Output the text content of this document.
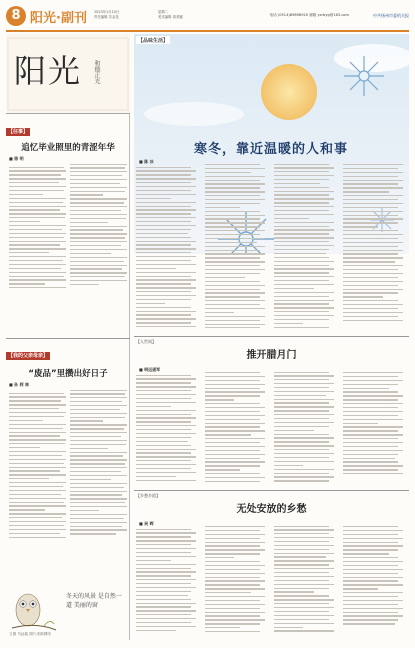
8 阳光·副刊 2023年1月10日
责任编辑 苏金花
星期二
美术编辑 周美娜	电话 (0514)89898920 邮箱 yzrbyg@163.com	中共扬州市委机关报
阳光 和德正光
【往事】
追忆毕业照里的青涩年华
■ 徐 明
【我的父亲母亲】
“废品”里攒出好日子
■ 孙 阿 林
冬天的风景 是自然一道 美丽的窗
文图 马远铭 图片来源网络
【品味生活】
寒冬，靠近温暖的人和事
■ 陈 冰
【人世间】
推开腊月门
■ 明远道军
【乡愁乡韵】
无处安放的乡愁
■ 吴 晖
